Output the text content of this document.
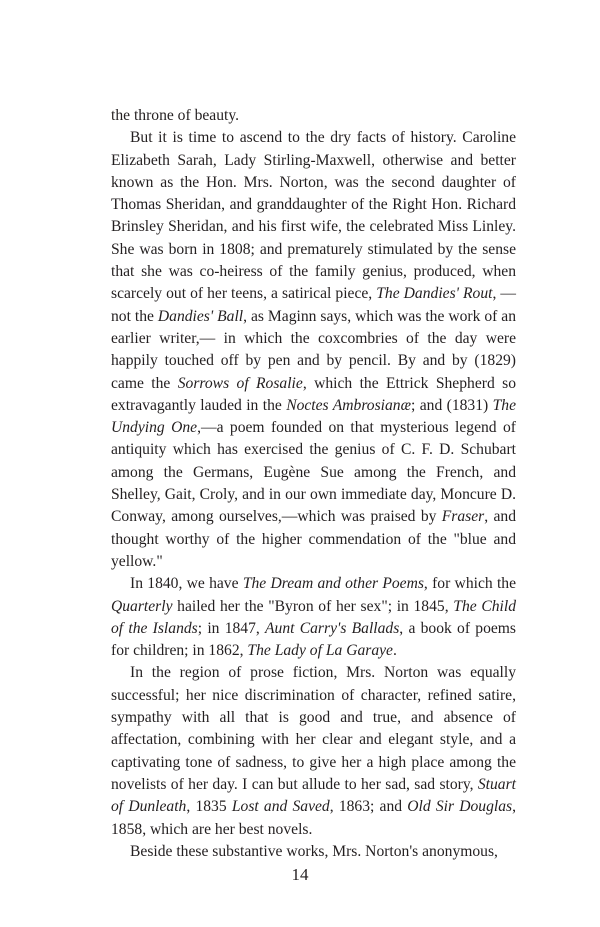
the throne of beauty.

But it is time to ascend to the dry facts of history. Caroline Elizabeth Sarah, Lady Stirling-Maxwell, otherwise and better known as the Hon. Mrs. Norton, was the second daughter of Thomas Sheridan, and granddaughter of the Right Hon. Richard Brinsley Sheridan, and his first wife, the celebrated Miss Linley. She was born in 1808; and prematurely stimulated by the sense that she was co-heiress of the family genius, produced, when scarcely out of her teens, a satirical piece, The Dandies' Rout, — not the Dandies' Ball, as Maginn says, which was the work of an earlier writer,— in which the coxcombries of the day were happily touched off by pen and by pencil. By and by (1829) came the Sorrows of Rosalie, which the Ettrick Shepherd so extravagantly lauded in the Noctes Ambrosianæ; and (1831) The Undying One,—a poem founded on that mysterious legend of antiquity which has exercised the genius of C. F. D. Schubart among the Germans, Eugène Sue among the French, and Shelley, Gait, Croly, and in our own immediate day, Moncure D. Conway, among ourselves,—which was praised by Fraser, and thought worthy of the higher commendation of the "blue and yellow."

In 1840, we have The Dream and other Poems, for which the Quarterly hailed her the "Byron of her sex"; in 1845, The Child of the Islands; in 1847, Aunt Carry's Ballads, a book of poems for children; in 1862, The Lady of La Garaye.

In the region of prose fiction, Mrs. Norton was equally successful; her nice discrimination of character, refined satire, sympathy with all that is good and true, and absence of affectation, combining with her clear and elegant style, and a captivating tone of sadness, to give her a high place among the novelists of her day. I can but allude to her sad, sad story, Stuart of Dunleath, 1835 Lost and Saved, 1863; and Old Sir Douglas, 1858, which are her best novels.

Beside these substantive works, Mrs. Norton's anonymous,

14
